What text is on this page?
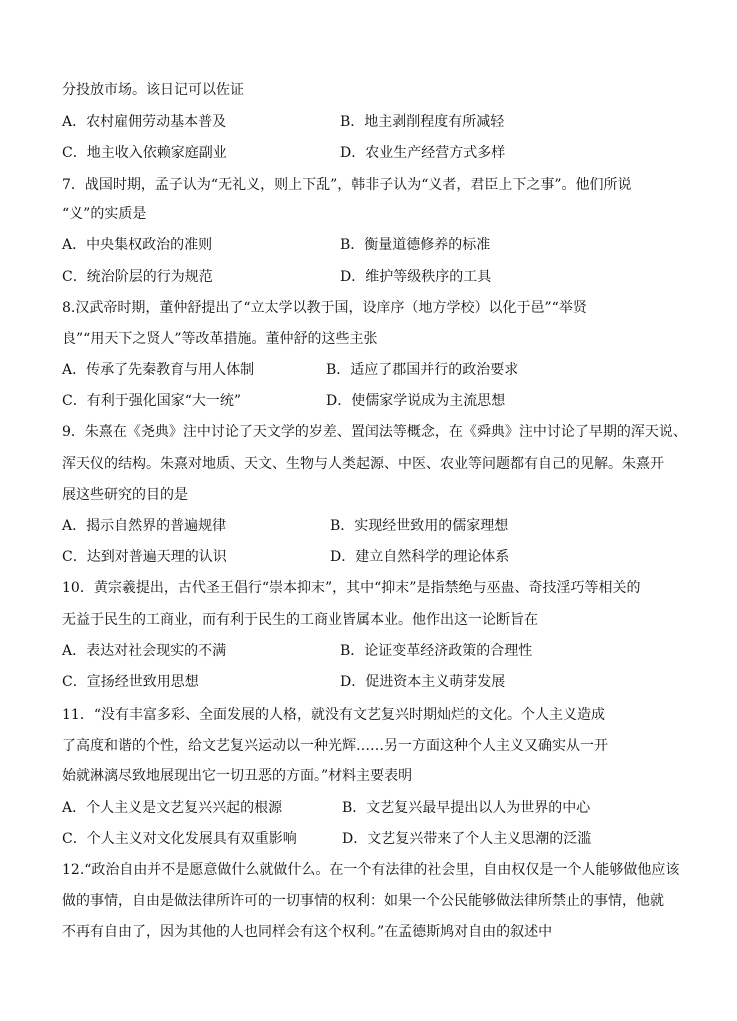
分投放市场。该日记可以佐证
A．农村雇佣劳动基本普及	B．地主剥削程度有所减轻
C．地主收入依赖家庭副业	D．农业生产经营方式多样
7．战国时期，孟子认为“无礼义，则上下乱”，韩非子认为“义者，君臣上下之事”。他们所说
“义”的实质是
A．中央集权政治的准则	B．衡量道德修养的标准
C．统治阶层的行为规范	D．维护等级秩序的工具
8.汉武帝时期，董仲舒提出了“立太学以教于国，设庠序（地方学校）以化于邑”“举贤
良”“用天下之贤人”等改革措施。董仲舒的这些主张
A．传承了先秦教育与用人体制	B．适应了郡国并行的政治要求
C．有利于强化国家“大一统”	D．使儒家学说成为主流思想
9．朱熹在《尧典》注中讨论了天文学的岁差、置闰法等概念，在《舜典》注中讨论了早期的浑天说、
浑天仪的结构。朱熹对地质、天文、生物与人类起源、中医、农业等问题都有自己的见解。朱熹开
展这些研究的目的是
A．揭示自然界的普遍规律	B．实现经世致用的儒家理想
C．达到对普遍天理的认识	D．建立自然科学的理论体系
10．黄宗羲提出，古代圣王倡行“崇本抑末”，其中“抑末”是指禁绝与巫蛊、奇技淫巧等相关的
无益于民生的工商业，而有利于民生的工商业皆属本业。他作出这一论断旨在
A．表达对社会现实的不满	B．论证变革经济政策的合理性
C．宣扬经世致用思想	D．促进资本主义萌芽发展
11．“没有丰富多彩、全面发展的人格，就没有文艺复兴时期灿烂的文化。个人主义造成
了高度和谐的个性，给文艺复兴运动以一种光辉……另一方面这种个人主义又确实从一开
始就淋漓尽致地展现出它一切丑恶的方面。”材料主要表明
A．个人主义是文艺复兴兴起的根源	B．文艺复兴最早提出以人为世界的中心
C．个人主义对文化发展具有双重影响	D．文艺复兴带来了个人主义思潮的泛滥
12.“政治自由并不是愿意做什么就做什么。在一个有法律的社会里，自由权仅是一个人能够做他应该
做的事情，自由是做法律所许可的一切事情的权利：如果一个公民能够做法律所禁止的事情，他就
不再有自由了，因为其他的人也同样会有这个权利。”在孟德斯鸠对自由的叙述中
